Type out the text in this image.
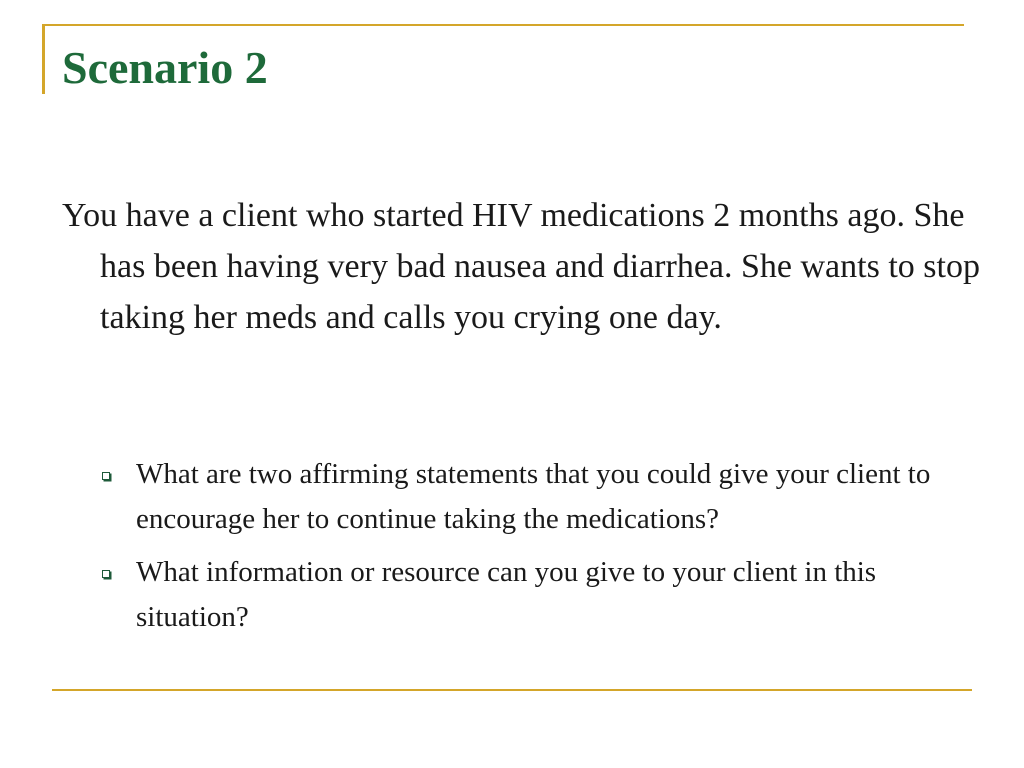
Scenario 2

You have a client who started HIV medications 2 months ago. She has been having very bad nausea and diarrhea. She wants to stop taking her meds and calls you crying one day.

What are two affirming statements that you could give your client to encourage her to continue taking the medications?
What information or resource can you give to your client in this situation?
